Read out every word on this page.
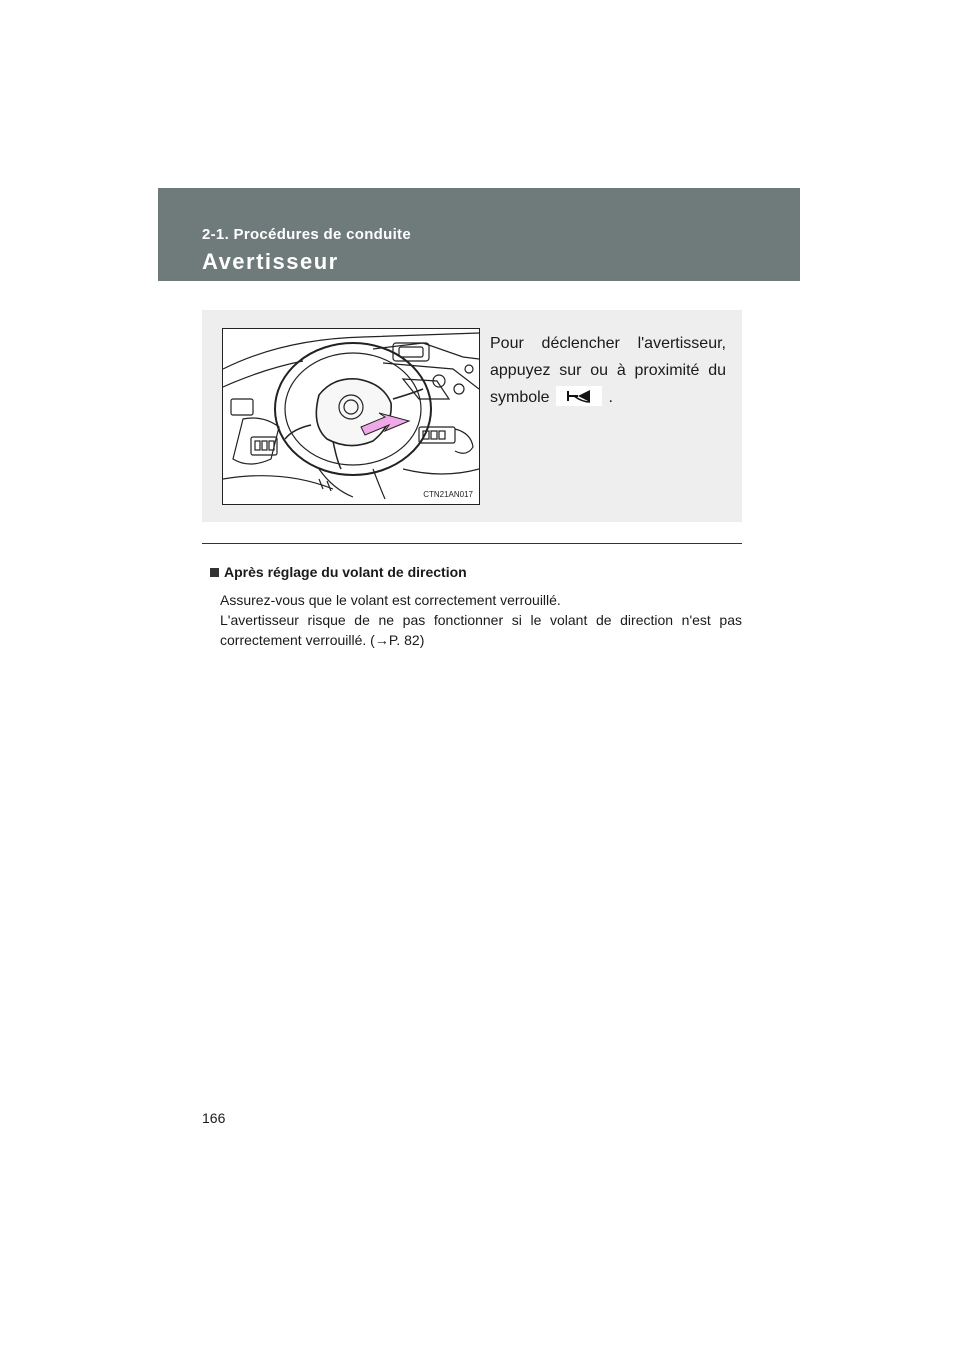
2-1. Procédures de conduite
Avertisseur
CTN21AN017
Pour déclencher l'avertisseur,
appuyez sur ou à proximité du
symbole	.
Après réglage du volant de direction

Assurez-vous que le volant est correctement verrouillé.

L'avertisseur risque de ne pas fonctionner si le volant de direction n'est pas

correctement verrouillé. (→P. 82)

166
